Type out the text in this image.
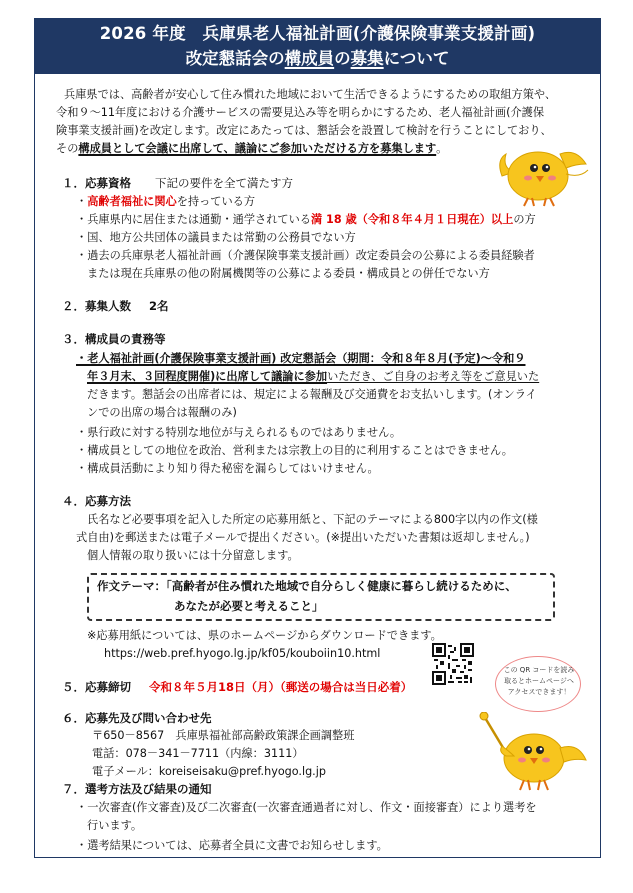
2026 年度　兵庫県老人福祉計画(介護保険事業支援計画)
改定懇話会の構成員の募集について
兵庫県では、高齢者が安心して住み慣れた地域において生活できるようにするための取組方策や、
令和９～11年度における介護サービスの需要見込み等を明らかにするため、老人福祉計画(介護保
険事業支援計画)を改定します。改定にあたっては、懇話会を設置して検討を行うことにしており、
その構成員として会議に出席して、議論にご参加いただける方を募集します。
１．応募資格 下記の要件を全て満たす方
・高齢者福祉に関心を持っている方
・兵庫県内に居住または通勤・通学されている満 18 歳（令和８年４月１日現在）以上の方
・国、地方公共団体の議員または常勤の公務員でない方
・過去の兵庫県老人福祉計画（介護保険事業支援計画）改定委員会の公募による委員経験者
または現在兵庫県の他の附属機関等の公募による委員・構成員との併任でない方
２．募集人数 2名
３．構成員の責務等
・老人福祉計画(介護保険事業支援計画) 改定懇話会（期間：令和８年８月(予定)～令和９
年３月末、３回程度開催)に出席して議論に参加いただき、ご自身のお考え等をご意見いた
だきます。懇話会の出席者には、規定による報酬及び交通費をお支払いします。(オンライ
ンでの出席の場合は報酬のみ)
・県行政に対する特別な地位が与えられるものではありません。
・構成員としての地位を政治、営利または宗教上の目的に利用することはできません。
・構成員活動により知り得た秘密を漏らしてはいけません。
４．応募方法
氏名など必要事項を記入した所定の応募用紙と、下記のテーマによる800字以内の作文(様
式自由)を郵送または電子メールで提出ください。(※提出いただいた書類は返却しません。)
個人情報の取り扱いには十分留意します。
作文テーマ：「高齢者が住み慣れた地域で自分らしく健康に暮らし続けるために、
あなたが必要と考えること」
※応募用紙については、県のホームページからダウンロードできます。
https://web.pref.hyogo.lg.jp/kf05/kouboiin10.html
この QR コードを読み取るとホームページへアクセスできます！
５．応募締切 令和８年５月18日（月）（郵送の場合は当日必着）
６．応募先及び問い合わせ先
〒650－8567　兵庫県福祉部高齢政策課企画調整班
電話：078－341－7711（内線：3111）
電子メール：koreiseisaku@pref.hyogo.lg.jp
７．選考方法及び結果の通知
・一次審査(作文審査)及び二次審査(一次審査通過者に対し、作文・面接審査）により選考を
行います。
・選考結果については、応募者全員に文書でお知らせします。
